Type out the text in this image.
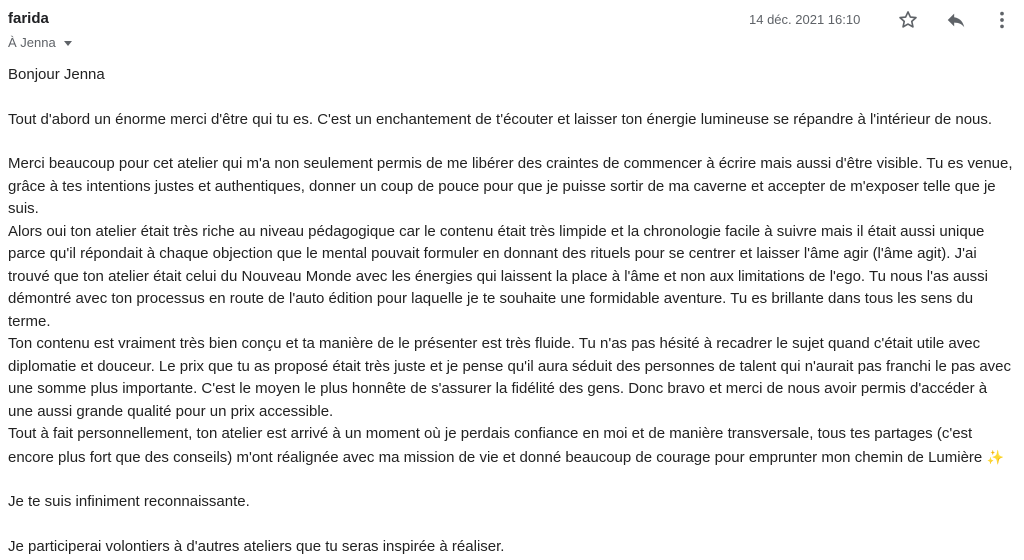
farida
À Jenna
14 déc. 2021 16:10

Bonjour Jenna

Tout d'abord un énorme merci d'être qui tu es. C'est un enchantement de t'écouter et laisser ton énergie lumineuse se répandre à l'intérieur de nous.

Merci beaucoup pour cet atelier qui m'a non seulement permis de me libérer des craintes de commencer à écrire mais aussi d'être visible. Tu es venue, grâce à tes intentions justes et authentiques, donner un coup de pouce pour que je puisse sortir de ma caverne et accepter de m'exposer telle que je suis.

Alors oui ton atelier était très riche au niveau pédagogique car le contenu était très limpide et la chronologie facile à suivre mais il était aussi unique parce qu'il répondait à chaque objection que le mental pouvait formuler en donnant des rituels pour se centrer et laisser l'âme agir (l'âme agit). J'ai trouvé que ton atelier était celui du Nouveau Monde avec les énergies qui laissent la place à l'âme et non aux limitations de l'ego. Tu nous l'as aussi démontré avec ton processus en route de l'auto édition pour laquelle je te souhaite une formidable aventure. Tu es brillante dans tous les sens du terme.

Ton contenu est vraiment très bien conçu et ta manière de le présenter est très fluide. Tu n'as pas hésité à recadrer le sujet quand c'était utile avec diplomatie et douceur. Le prix que tu as proposé était très juste et je pense qu'il aura séduit des personnes de talent qui n'aurait pas franchi le pas avec une somme plus importante. C'est le moyen le plus honnête de s'assurer la fidélité des gens. Donc bravo et merci de nous avoir permis d'accéder à une aussi grande qualité pour un prix accessible.

Tout à fait personnellement, ton atelier est arrivé à un moment où je perdais confiance en moi et de manière transversale, tous tes partages (c'est encore plus fort que des conseils) m'ont réalignée avec ma mission de vie et donné beaucoup de courage pour emprunter mon chemin de Lumière ✨

Je te suis infiniment reconnaissante.

Je participerai volontiers à d'autres ateliers que tu seras inspirée à réaliser.
